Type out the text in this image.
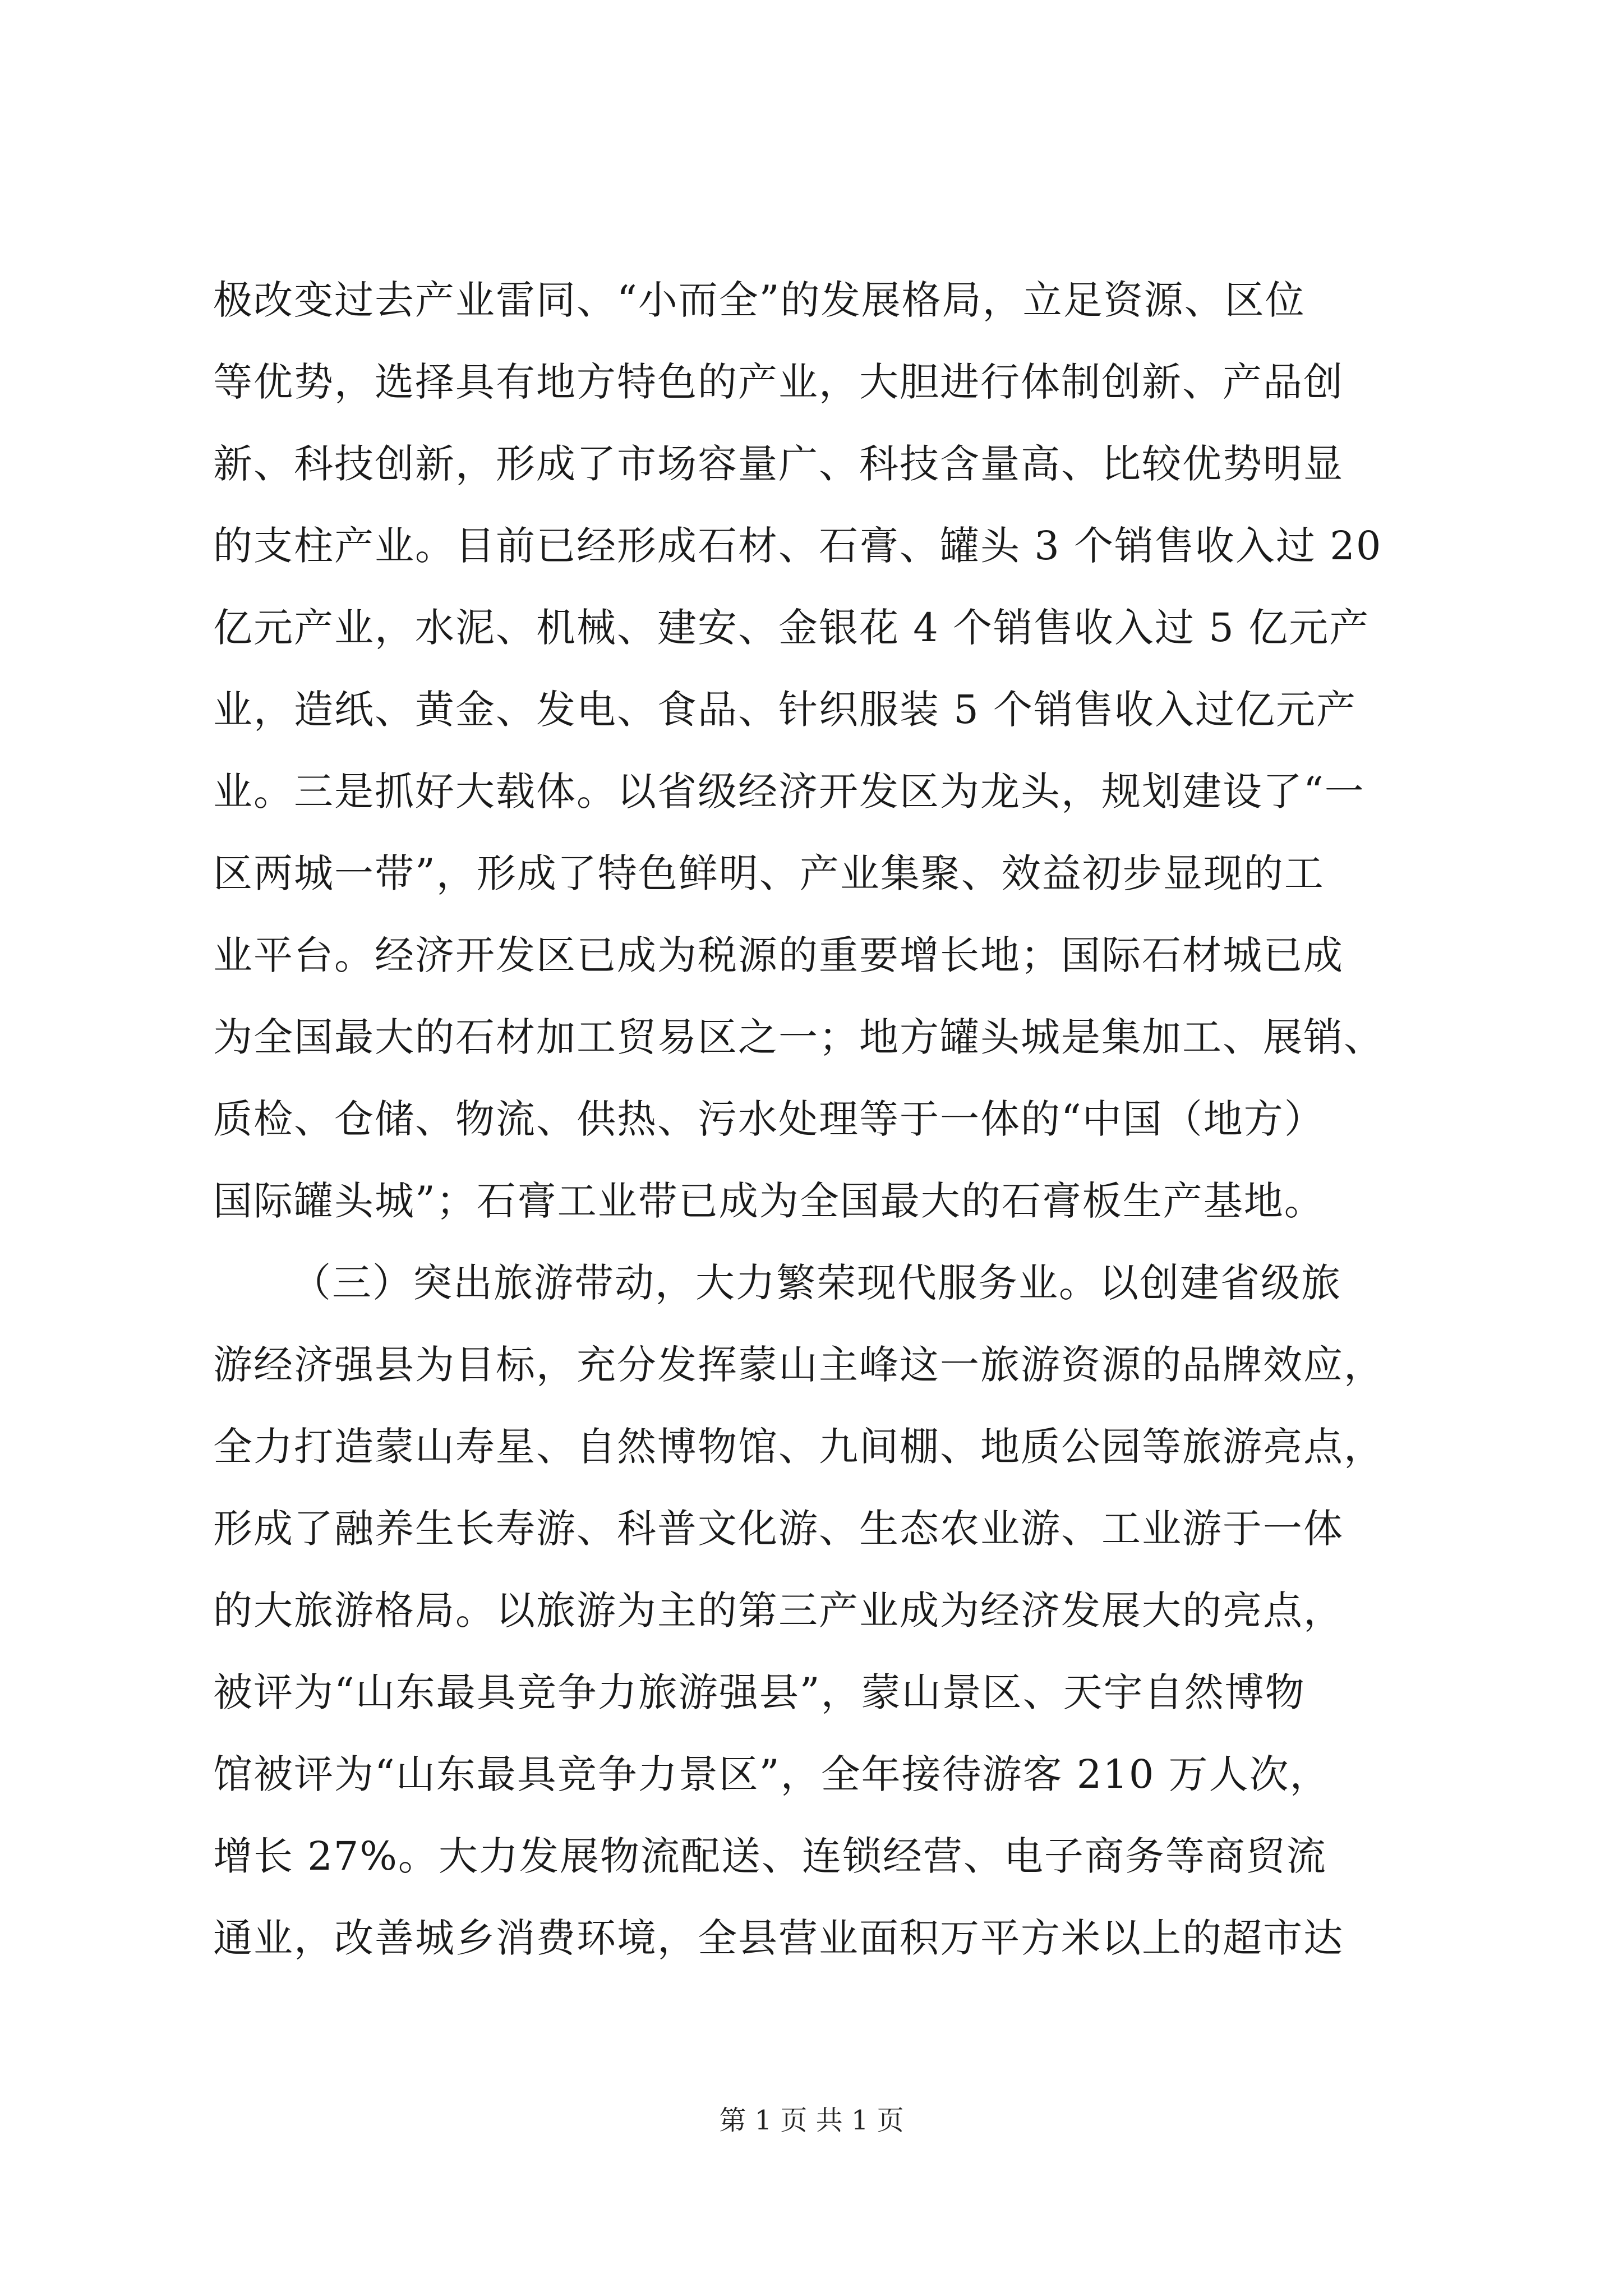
极改变过去产业雷同、“小而全”的发展格局，立足资源、区位
等优势，选择具有地方特色的产业，大胆进行体制创新、产品创
新、科技创新，形成了市场容量广、科技含量高、比较优势明显
的支柱产业。目前已经形成石材、石膏、罐头 3 个销售收入过 20
亿元产业，水泥、机械、建安、金银花 4 个销售收入过 5 亿元产
业，造纸、黄金、发电、食品、针织服装 5 个销售收入过亿元产
业。三是抓好大载体。以省级经济开发区为龙头，规划建设了“一
区两城一带”，形成了特色鲜明、产业集聚、效益初步显现的工
业平台。经济开发区已成为税源的重要增长地；国际石材城已成
为全国最大的石材加工贸易区之一；地方罐头城是集加工、展销、
质检、仓储、物流、供热、污水处理等于一体的“中国（地方）
国际罐头城”；石膏工业带已成为全国最大的石膏板生产基地。
（三）突出旅游带动，大力繁荣现代服务业。以创建省级旅
游经济强县为目标，充分发挥蒙山主峰这一旅游资源的品牌效应，
全力打造蒙山寿星、自然博物馆、九间棚、地质公园等旅游亮点，
形成了融养生长寿游、科普文化游、生态农业游、工业游于一体
的大旅游格局。以旅游为主的第三产业成为经济发展大的亮点，
被评为“山东最具竞争力旅游强县”，蒙山景区、天宇自然博物
馆被评为“山东最具竞争力景区”，全年接待游客 210 万人次，
增长 27%。大力发展物流配送、连锁经营、电子商务等商贸流
通业，改善城乡消费环境，全县营业面积万平方米以上的超市达
第 1 页 共 1 页
